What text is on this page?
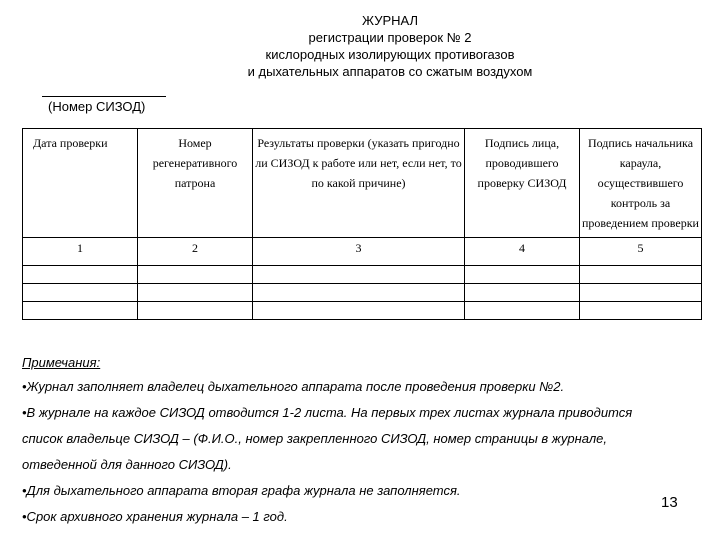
ЖУРНАЛ
регистрации проверок № 2
кислородных изолирующих противогазов
и дыхательных аппаратов со сжатым воздухом
(Номер СИЗОД)
Дата проверки	Номер регенеративного патрона	Результаты проверки (указать пригодно ли СИЗОД к работе или нет, если нет, то по какой причине)	Подпись лица, проводившего проверку СИЗОД	Подпись начальника караула, осуществившего контроль за проведением проверки
1	2	3	4	5

Примечания:
•Журнал заполняет владелец дыхательного аппарата после проведения проверки №2.
•В журнале на каждое СИЗОД отводится 1-2 листа. На первых трех листах журнала приводится список владельце СИЗОД – (Ф.И.О., номер закрепленного СИЗОД, номер страницы в журнале, отведенной для данного СИЗОД).
•Для дыхательного аппарата вторая графа журнала не заполняется.
•Срок архивного хранения журнала – 1 год.
13
